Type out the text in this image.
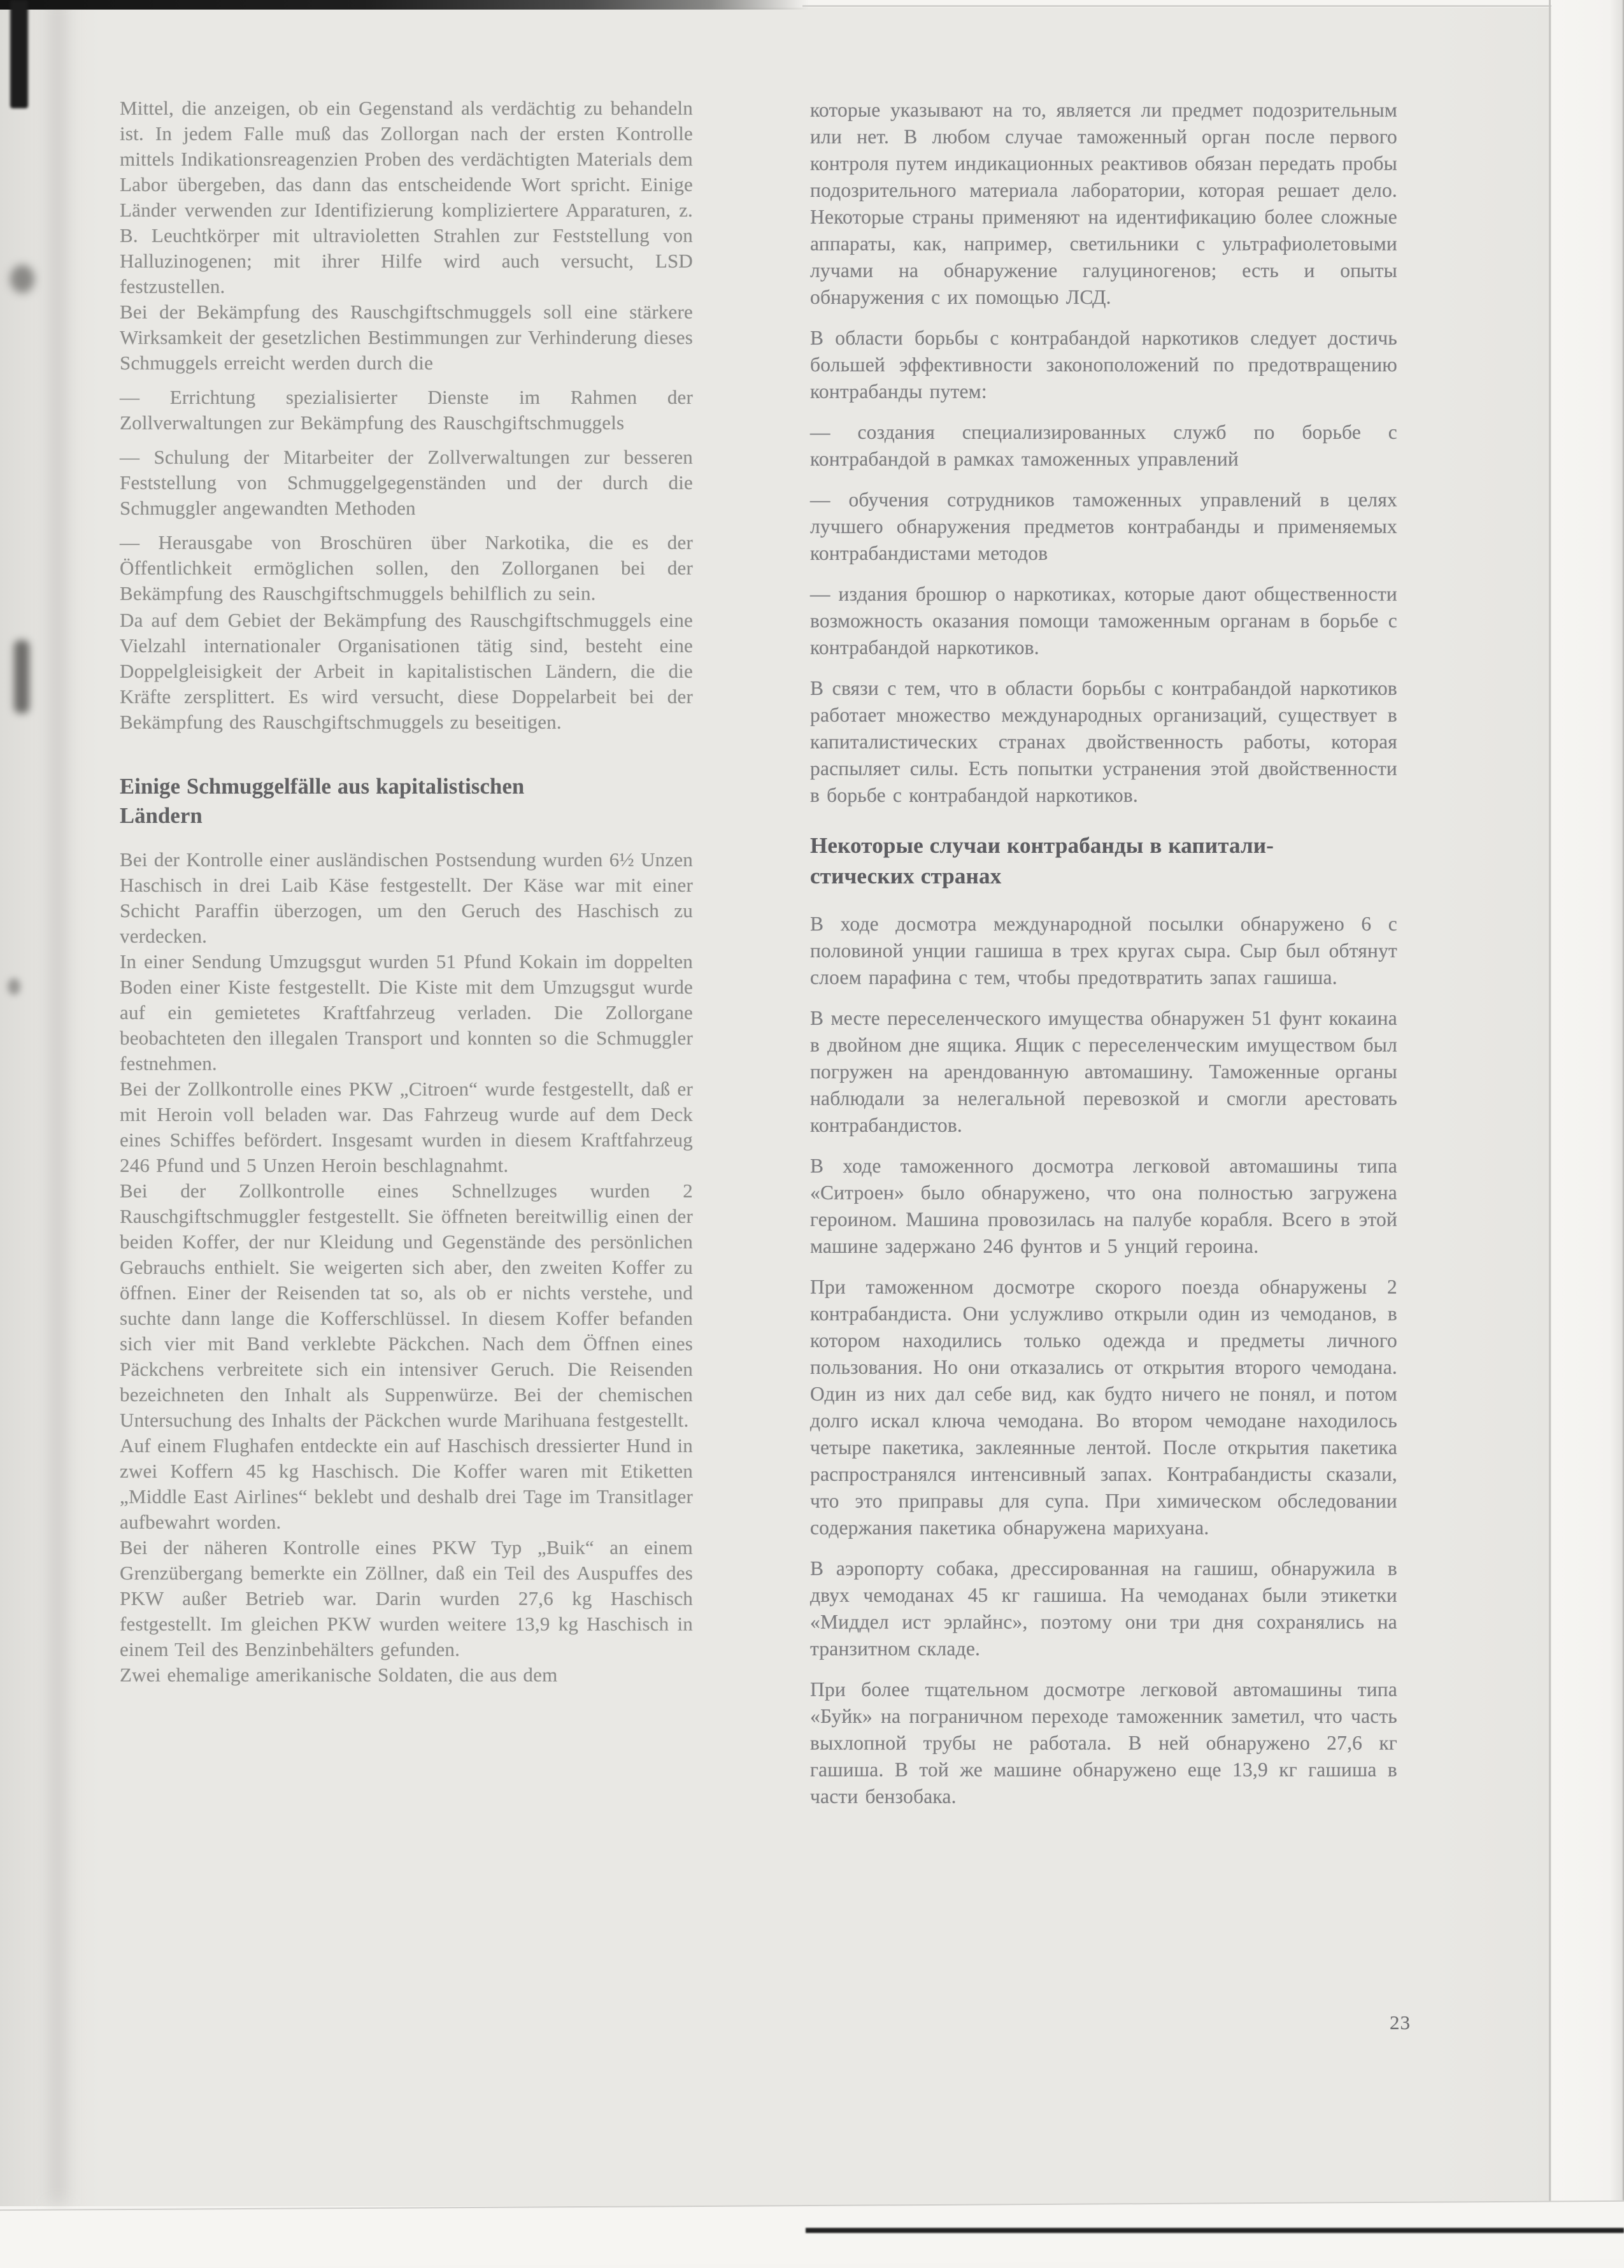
Mittel, die anzeigen, ob ein Gegenstand als verdächtig zu behandeln ist. In jedem Falle muß das Zollorgan nach der ersten Kontrolle mittels Indikationsreagenzien Proben des verdächtigten Materials dem Labor übergeben, das dann das entscheidende Wort spricht. Einige Länder verwenden zur Identifizierung kompliziertere Apparaturen, z. B. Leuchtkörper mit ultravioletten Strahlen zur Feststellung von Halluzinogenen; mit ihrer Hilfe wird auch versucht, LSD festzustellen.

Bei der Bekämpfung des Rauschgiftschmuggels soll eine stärkere Wirksamkeit der gesetzlichen Bestimmungen zur Verhinderung dieses Schmuggels erreicht werden durch die

— Errichtung spezialisierter Dienste im Rahmen der Zollverwaltungen zur Bekämpfung des Rauschgiftschmuggels

— Schulung der Mitarbeiter der Zollverwaltungen zur besseren Feststellung von Schmuggelgegenständen und der durch die Schmuggler angewandten Methoden

— Herausgabe von Broschüren über Narkotika, die es der Öffentlichkeit ermöglichen sollen, den Zollorganen bei der Bekämpfung des Rauschgiftschmuggels behilflich zu sein.

Da auf dem Gebiet der Bekämpfung des Rauschgiftschmuggels eine Vielzahl internationaler Organisationen tätig sind, besteht eine Doppelgleisigkeit der Arbeit in kapitalistischen Ländern, die die Kräfte zersplittert. Es wird versucht, diese Doppelarbeit bei der Bekämpfung des Rauschgiftschmuggels zu beseitigen.

Einige Schmuggelfälle aus kapitalistischen
Ländern

Bei der Kontrolle einer ausländischen Postsendung wurden 6½ Unzen Haschisch in drei Laib Käse festgestellt. Der Käse war mit einer Schicht Paraffin überzogen, um den Geruch des Haschisch zu verdecken.

In einer Sendung Umzugsgut wurden 51 Pfund Kokain im doppelten Boden einer Kiste festgestellt. Die Kiste mit dem Umzugsgut wurde auf ein gemietetes Kraftfahrzeug verladen. Die Zollorgane beobachteten den illegalen Transport und konnten so die Schmuggler festnehmen.

Bei der Zollkontrolle eines PKW „Citroen“ wurde festgestellt, daß er mit Heroin voll beladen war. Das Fahrzeug wurde auf dem Deck eines Schiffes befördert. Insgesamt wurden in diesem Kraftfahrzeug 246 Pfund und 5 Unzen Heroin beschlagnahmt.

Bei der Zollkontrolle eines Schnellzuges wurden 2 Rauschgiftschmuggler festgestellt. Sie öffneten bereitwillig einen der beiden Koffer, der nur Kleidung und Gegenstände des persönlichen Gebrauchs enthielt. Sie weigerten sich aber, den zweiten Koffer zu öffnen. Einer der Reisenden tat so, als ob er nichts verstehe, und suchte dann lange die Kofferschlüssel. In diesem Koffer befanden sich vier mit Band verklebte Päckchen. Nach dem Öffnen eines Päckchens verbreitete sich ein intensiver Geruch. Die Reisenden bezeichneten den Inhalt als Suppenwürze. Bei der chemischen Untersuchung des Inhalts der Päckchen wurde Marihuana festgestellt.

Auf einem Flughafen entdeckte ein auf Haschisch dressierter Hund in zwei Koffern 45 kg Haschisch. Die Koffer waren mit Etiketten „Middle East Airlines“ beklebt und deshalb drei Tage im Transitlager aufbewahrt worden.

Bei der näheren Kontrolle eines PKW Typ „Buik“ an einem Grenzübergang bemerkte ein Zöllner, daß ein Teil des Auspuffes des PKW außer Betrieb war. Darin wurden 27,6 kg Haschisch festgestellt. Im gleichen PKW wurden weitere 13,9 kg Haschisch in einem Teil des Benzinbehälters gefunden.

Zwei ehemalige amerikanische Soldaten, die aus dem

которые указывают на то, является ли предмет подозрительным или нет. В любом случае таможенный орган после первого контроля путем индикационных реактивов обязан передать пробы подозрительного материала лаборатории, которая решает дело. Некоторые страны применяют на идентификацию более сложные аппараты, как, например, светильники с ультрафиолетовыми лучами на обнаружение галуциногенов; есть и опыты обнаружения с их помощью ЛСД.

В области борьбы с контрабандой наркотиков следует достичь большей эффективности законоположений по предотвращению контрабанды путем:

— создания специализированных служб по борьбе с контрабандой в рамках таможенных управлений

— обучения сотрудников таможенных управлений в целях лучшего обнаружения предметов контрабанды и применяемых контрабандистами методов

— издания брошюр о наркотиках, которые дают общественности возможность оказания помощи таможенным органам в борьбе с контрабандой наркотиков.

В связи с тем, что в области борьбы с контрабандой наркотиков работает множество международных организаций, существует в капиталистических странах двойственность работы, которая распыляет силы. Есть попытки устранения этой двойственности в борьбе с контрабандой наркотиков.

Некоторые случаи контрабанды в капитали-
стических странах

В ходе досмотра международной посылки обнаружено 6 с половиной унции гашиша в трех кругах сыра. Сыр был обтянут слоем парафина с тем, чтобы предотвратить запах гашиша.

В месте переселенческого имущества обнаружен 51 фунт кокаина в двойном дне ящика. Ящик с переселенческим имуществом был погружен на арендованную автомашину. Таможенные органы наблюдали за нелегальной перевозкой и смогли арестовать контрабандистов.

В ходе таможенного досмотра легковой автомашины типа «Ситроен» было обнаружено, что она полностью загружена героином. Машина провозилась на палубе корабля. Всего в этой машине задержано 246 фунтов и 5 унций героина.

При таможенном досмотре скорого поезда обнаружены 2 контрабандиста. Они услужливо открыли один из чемоданов, в котором находились только одежда и предметы личного пользования. Но они отказались от открытия второго чемодана. Один из них дал себе вид, как будто ничего не понял, и потом долго искал ключа чемодана. Во втором чемодане находилось четыре пакетика, заклеянные лентой. После открытия пакетика распространялся интенсивный запах. Контрабандисты сказали, что это приправы для супа. При химическом обследовании содержания пакетика обнаружена марихуана.

В аэропорту собака, дрессированная на гашиш, обнаружила в двух чемоданах 45 кг гашиша. На чемоданах были этикетки «Миддел ист эрлайнс», поэтому они три дня сохранялись на транзитном складе.

При более тщательном досмотре легковой автомашины типа «Буйк» на пограничном переходе таможенник заметил, что часть выхлопной трубы не работала. В ней обнаружено 27,6 кг гашиша. В той же машине обнаружено еще 13,9 кг гашиша в части бензобака.

23
